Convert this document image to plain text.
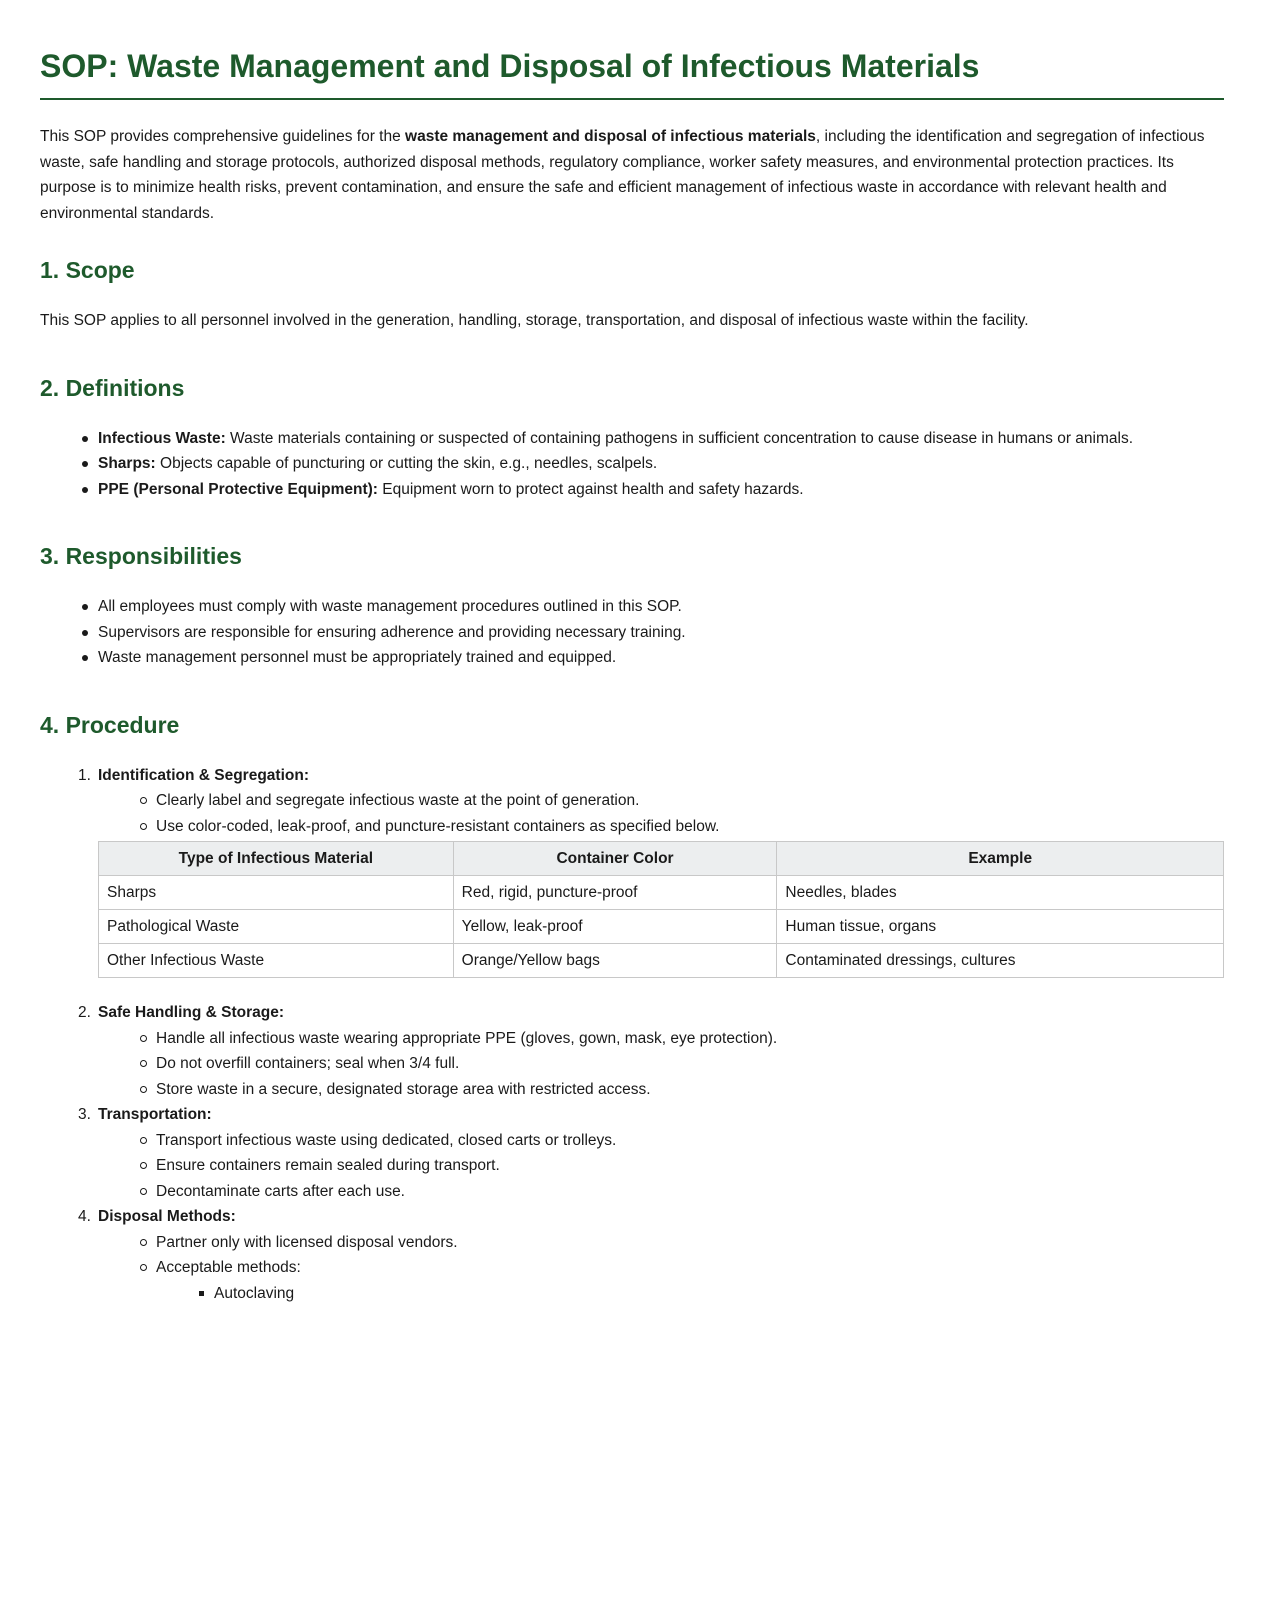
SOP: Waste Management and Disposal of Infectious Materials

This SOP provides comprehensive guidelines for the waste management and disposal of infectious materials, including the identification and segregation of infectious waste, safe handling and storage protocols, authorized disposal methods, regulatory compliance, worker safety measures, and environmental protection practices. Its purpose is to minimize health risks, prevent contamination, and ensure the safe and efficient management of infectious waste in accordance with relevant health and environmental standards.

1. Scope

This SOP applies to all personnel involved in the generation, handling, storage, transportation, and disposal of infectious waste within the facility.

2. Definitions
Infectious Waste: Waste materials containing or suspected of containing pathogens in sufficient concentration to cause disease in humans or animals.
Sharps: Objects capable of puncturing or cutting the skin, e.g., needles, scalpels.
PPE (Personal Protective Equipment): Equipment worn to protect against health and safety hazards.
3. Responsibilities
All employees must comply with waste management procedures outlined in this SOP.
Supervisors are responsible for ensuring adherence and providing necessary training.
Waste management personnel must be appropriately trained and equipped.
4. Procedure
1. Identification & Segregation:
Clearly label and segregate infectious waste at the point of generation.
Use color-coded, leak-proof, and puncture-resistant containers as specified below.
Type of Infectious Material	Container Color	Example
Sharps	Red, rigid, puncture-proof	Needles, blades
Pathological Waste	Yellow, leak-proof	Human tissue, organs
Other Infectious Waste	Orange/Yellow bags	Contaminated dressings, cultures
2. Safe Handling & Storage:
Handle all infectious waste wearing appropriate PPE (gloves, gown, mask, eye protection).
Do not overfill containers; seal when 3/4 full.
Store waste in a secure, designated storage area with restricted access.
3. Transportation:
Transport infectious waste using dedicated, closed carts or trolleys.
Ensure containers remain sealed during transport.
Decontaminate carts after each use.
4. Disposal Methods:
Partner only with licensed disposal vendors.
Acceptable methods:
Autoclaving
